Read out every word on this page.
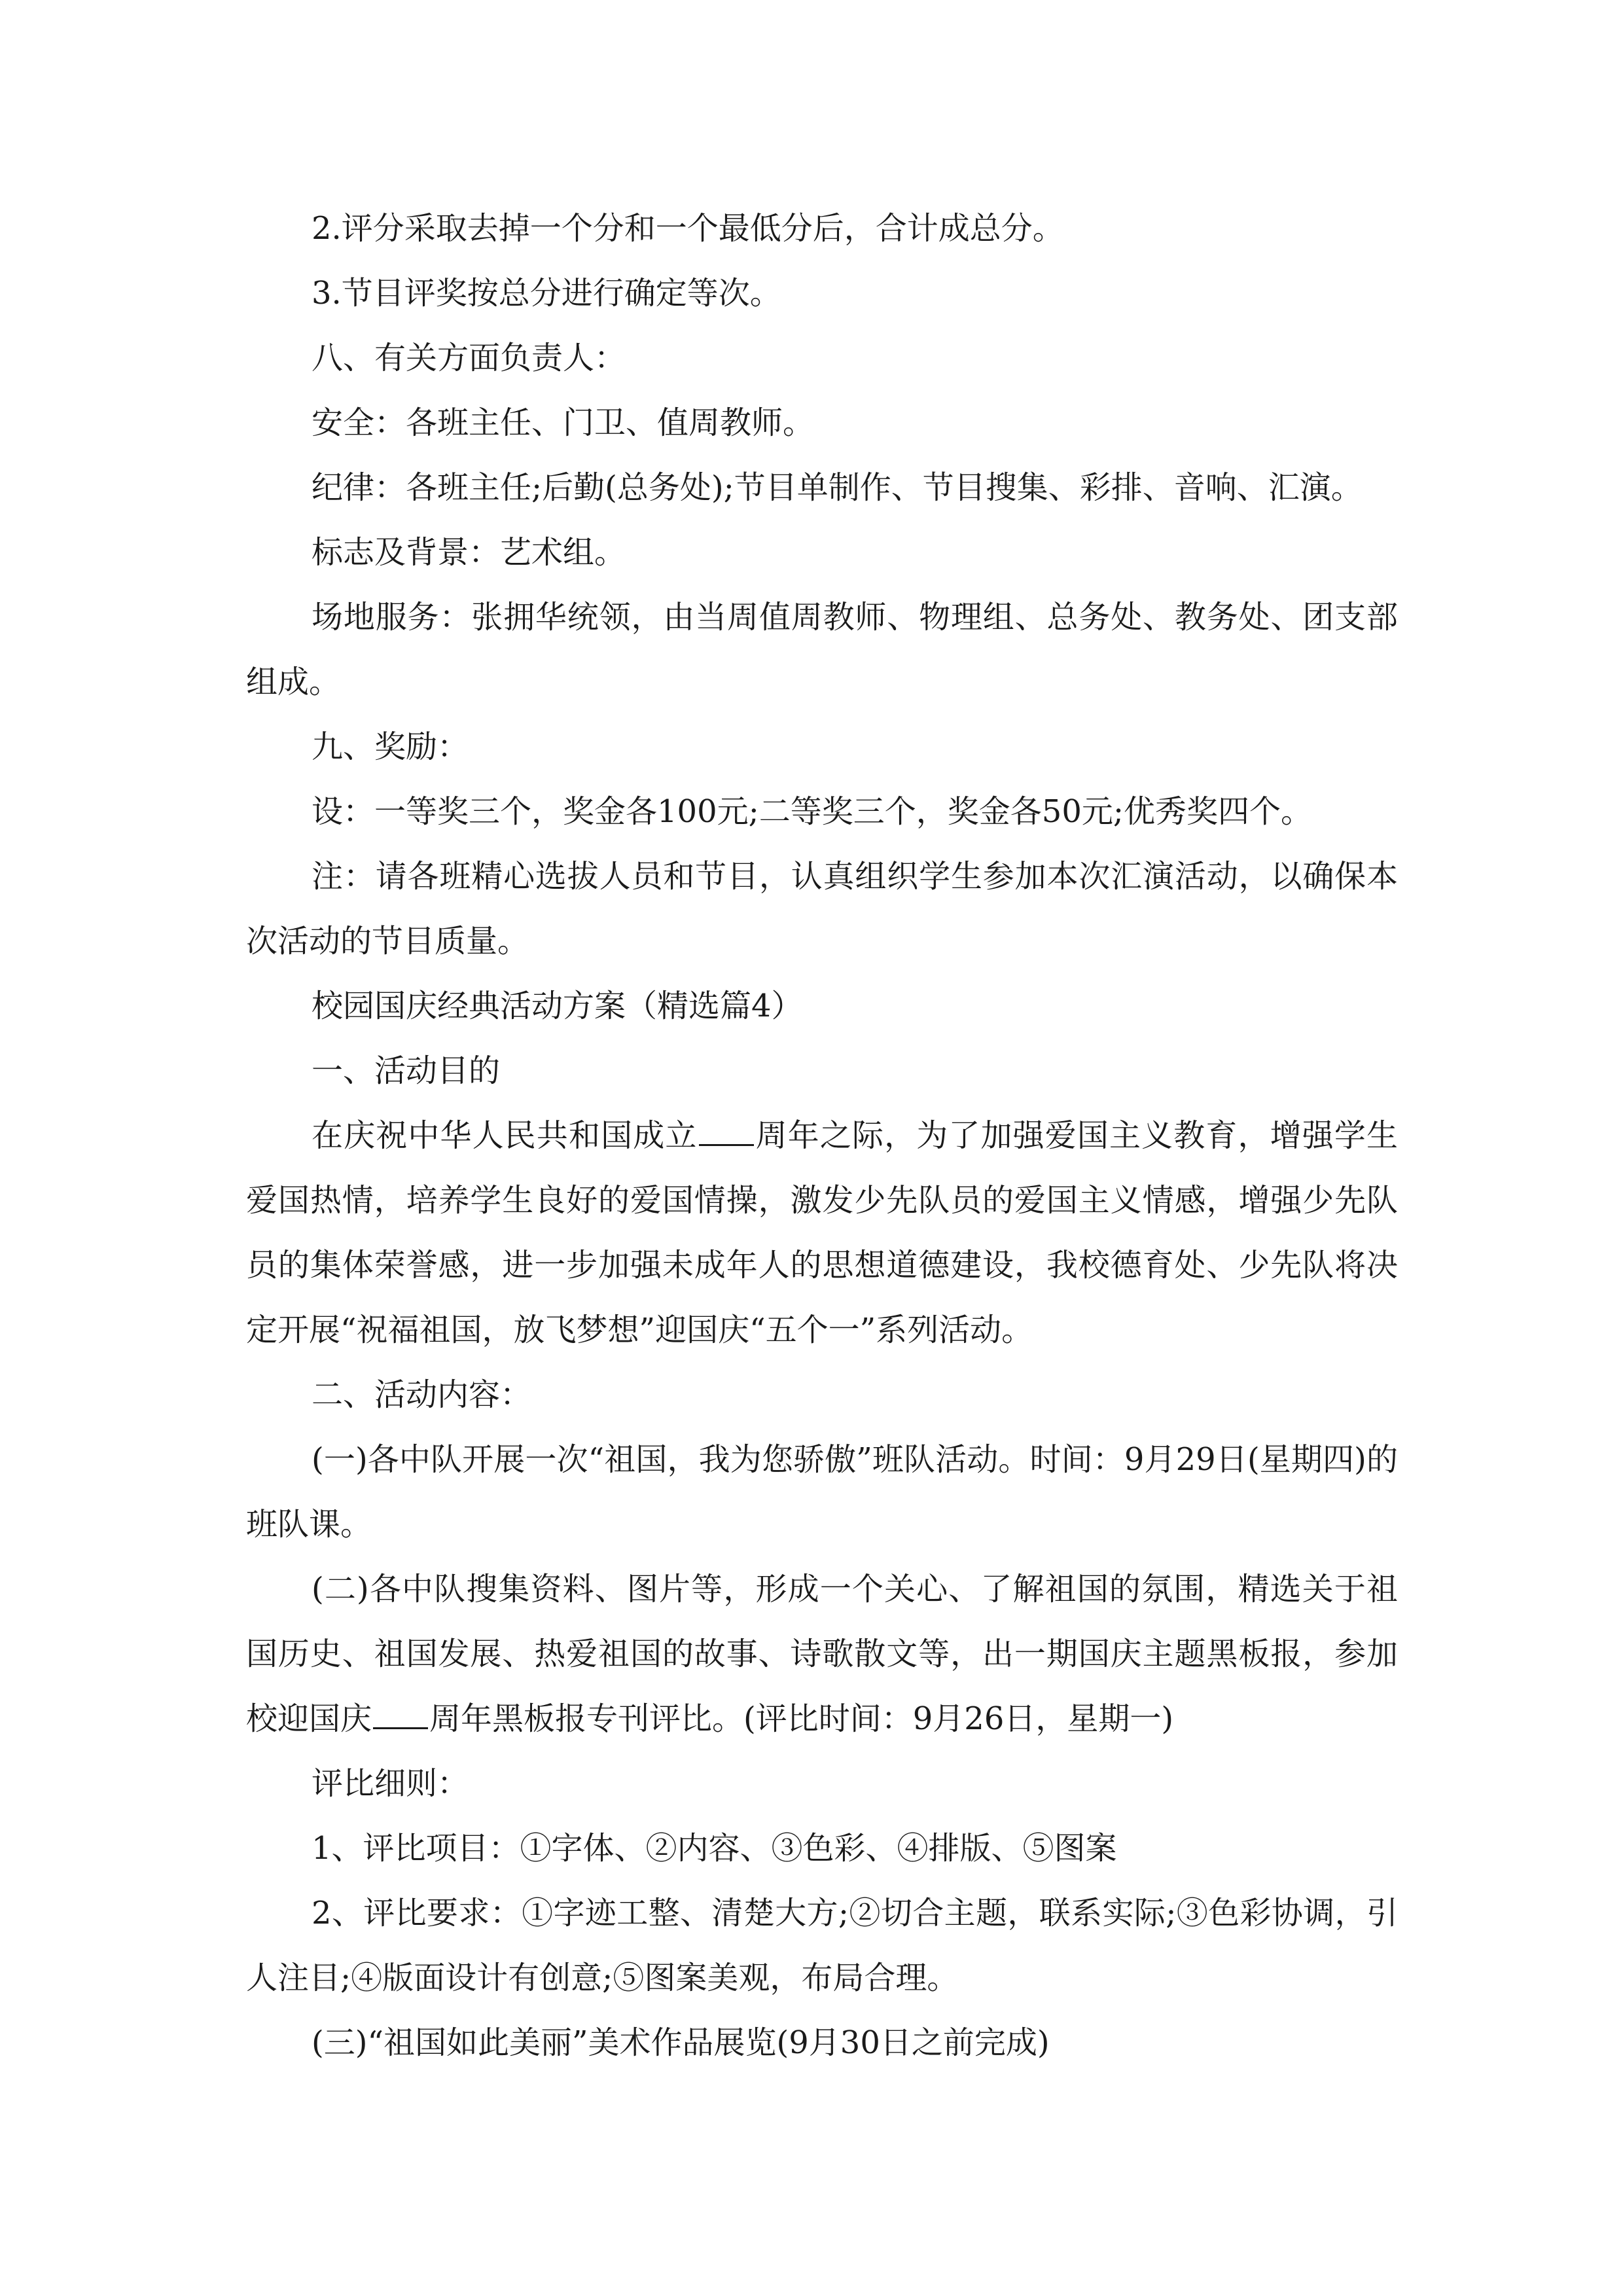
2.评分采取去掉一个分和一个最低分后，合计成总分。

3.节目评奖按总分进行确定等次。

八、有关方面负责人：

安全：各班主任、门卫、值周教师。

纪律：各班主任;后勤(总务处);节目单制作、节目搜集、彩排、音响、汇演。

标志及背景：艺术组。

场地服务：张拥华统领，由当周值周教师、物理组、总务处、教务处、团支部组成。

九、奖励：

设：一等奖三个，奖金各100元;二等奖三个，奖金各50元;优秀奖四个。

注：请各班精心选拔人员和节目，认真组织学生参加本次汇演活动，以确保本次活动的节目质量。

校园国庆经典活动方案（精选篇4）

一、活动目的

在庆祝中华人民共和国成立 周年之际，为了加强爱国主义教育，增强学生爱国热情，培养学生良好的爱国情操，激发少先队员的爱国主义情感，增强少先队员的集体荣誉感，进一步加强未成年人的思想道德建设，我校德育处、少先队将决定开展“祝福祖国，放飞梦想”迎国庆“五个一”系列活动。

二、活动内容：

(一)各中队开展一次“祖国，我为您骄傲”班队活动。时间：9月29日(星期四)的班队课。

(二)各中队搜集资料、图片等，形成一个关心、了解祖国的氛围，精选关于祖国历史、祖国发展、热爱祖国的故事、诗歌散文等，出一期国庆主题黑板报，参加校迎国庆 周年黑板报专刊评比。(评比时间：9月26日，星期一)

评比细则：

1、评比项目：①字体、②内容、③色彩、④排版、⑤图案

2、评比要求：①字迹工整、清楚大方;②切合主题，联系实际;③色彩协调，引人注目;④版面设计有创意;⑤图案美观，布局合理。

(三)“祖国如此美丽”美术作品展览(9月30日之前完成)
